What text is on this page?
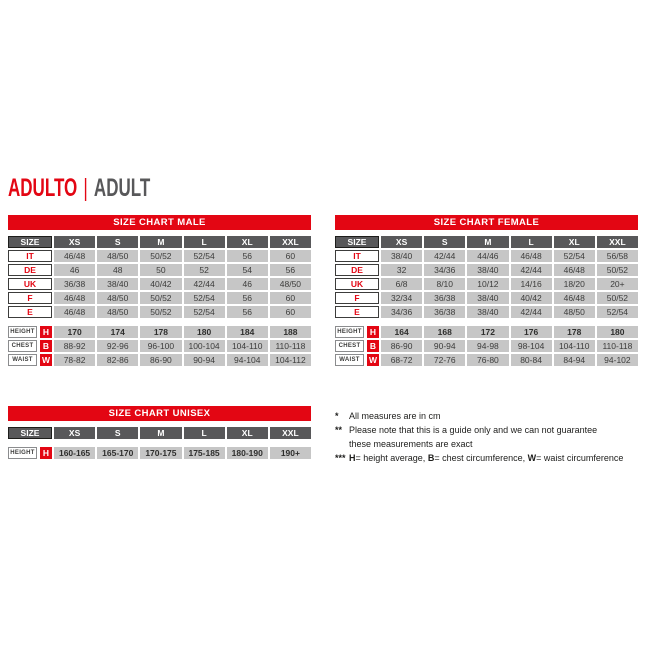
ADULTO | ADULT
SIZE CHART MALE
SIZE	XS	S	M	L	XL	XXL
IT	46/48	48/50	50/52	52/54	56	60
DE	46	48	50	52	54	56
UK	36/38	38/40	40/42	42/44	46	48/50
F	46/48	48/50	50/52	52/54	56	60
E	46/48	48/50	50/52	52/54	56	60
HEIGHT H	170	174	178	180	184	188
CHEST	B	88-92	92-96	96-100	100-104	104-110	110-118
WAIST	W	78-82	82-86	86-90	90-94	94-104	104-112
SIZE CHART FEMALE
SIZE	XS	S	M	L	XL	XXL
IT	38/40	42/44	44/46	46/48	52/54	56/58
DE	32	34/36	38/40	42/44	46/48	50/52
UK	6/8	8/10	10/12	14/16	18/20	20+
F	32/34	36/38	38/40	40/42	46/48	50/52
E	34/36	36/38	38/40	42/44	48/50	52/54
HEIGHT H	164	168	172	176	178	180
CHEST	B	86-90	90-94	94-98	98-104	104-110	110-118
WAIST	W	68-72	72-76	76-80	80-84	84-94	94-102
SIZE CHART UNISEX
SIZE	XS	S	M	L	XL	XXL
HEIGHT H	160-165	165-170	170-175	175-185	180-190	190+
*	All measures are in cm
** Please note that this is a guide only and we can not guarantee
these measurements are exact
*** H= height average, B= chest circumference, W= waist circumference
